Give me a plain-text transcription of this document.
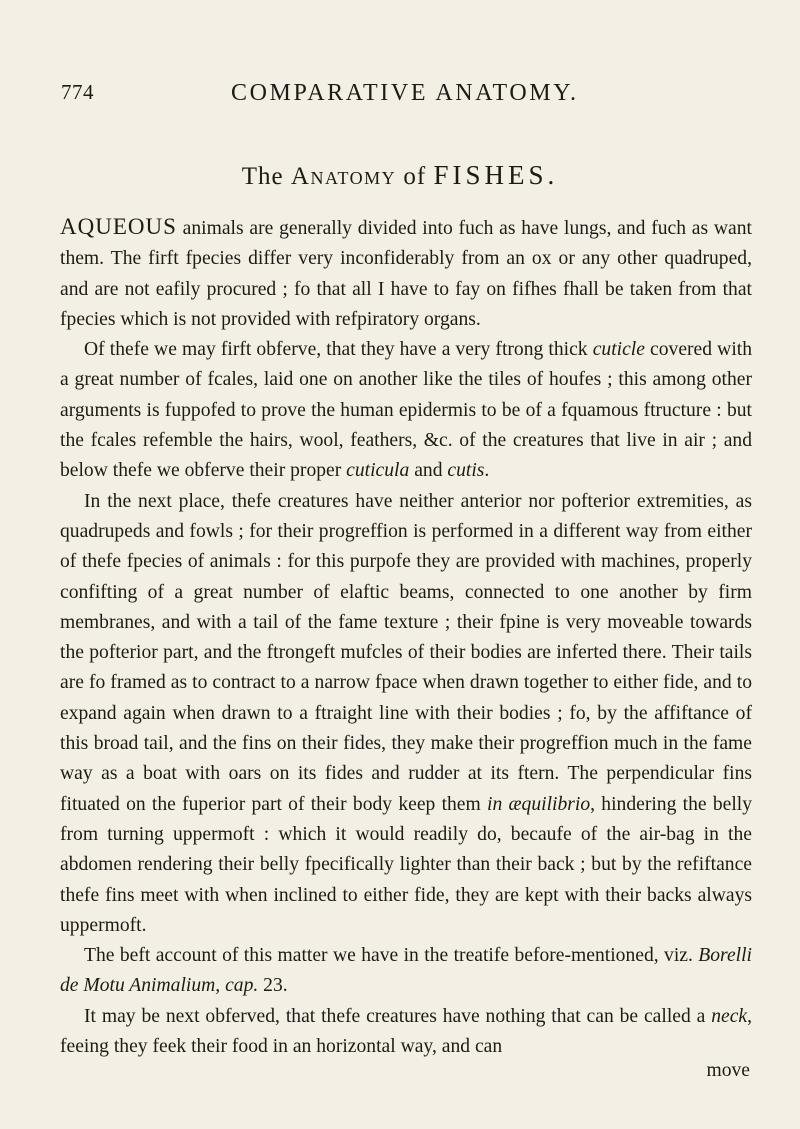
774	COMPARATIVE ANATOMY.
The Anatomy of FISHES.

AQUEOUS animals are generally divided into fuch as have lungs, and fuch as want them. The firft fpecies differ very inconfiderably from an ox or any other quadruped, and are not eafily procured ; fo that all I have to fay on fifhes fhall be taken from that fpecies which is not provided with refpiratory organs.

Of thefe we may firft obferve, that they have a very ftrong thick cuticle covered with a great number of fcales, laid one on another like the tiles of houfes ; this among other arguments is fuppofed to prove the human epidermis to be of a fquamous ftructure : but the fcales refemble the hairs, wool, feathers, &c. of the creatures that live in air ; and below thefe we obferve their proper cuticula and cutis.

In the next place, thefe creatures have neither anterior nor pofterior extremities, as quadrupeds and fowls ; for their progreffion is performed in a different way from either of thefe fpecies of animals : for this purpofe they are provided with machines, properly confifting of a great number of elaftic beams, connected to one another by firm membranes, and with a tail of the fame texture ; their fpine is very moveable towards the pofterior part, and the ftrongeft mufcles of their bodies are inferted there. Their tails are fo framed as to contract to a narrow fpace when drawn together to either fide, and to expand again when drawn to a ftraight line with their bodies ; fo, by the affiftance of this broad tail, and the fins on their fides, they make their progreffion much in the fame way as a boat with oars on its fides and rudder at its ftern. The perpendicular fins fituated on the fuperior part of their body keep them in æquilibrio, hindering the belly from turning uppermoft : which it would readily do, becaufe of the air-bag in the abdomen rendering their belly fpecifically lighter than their back ; but by the refiftance thefe fins meet with when inclined to either fide, they are kept with their backs always uppermoft.

The beft account of this matter we have in the treatife before-mentioned, viz. Borelli de Motu Animalium, cap. 23.

It may be next obferved, that thefe creatures have nothing that can be called a neck, feeing they feek their food in an horizontal way, and can

move
